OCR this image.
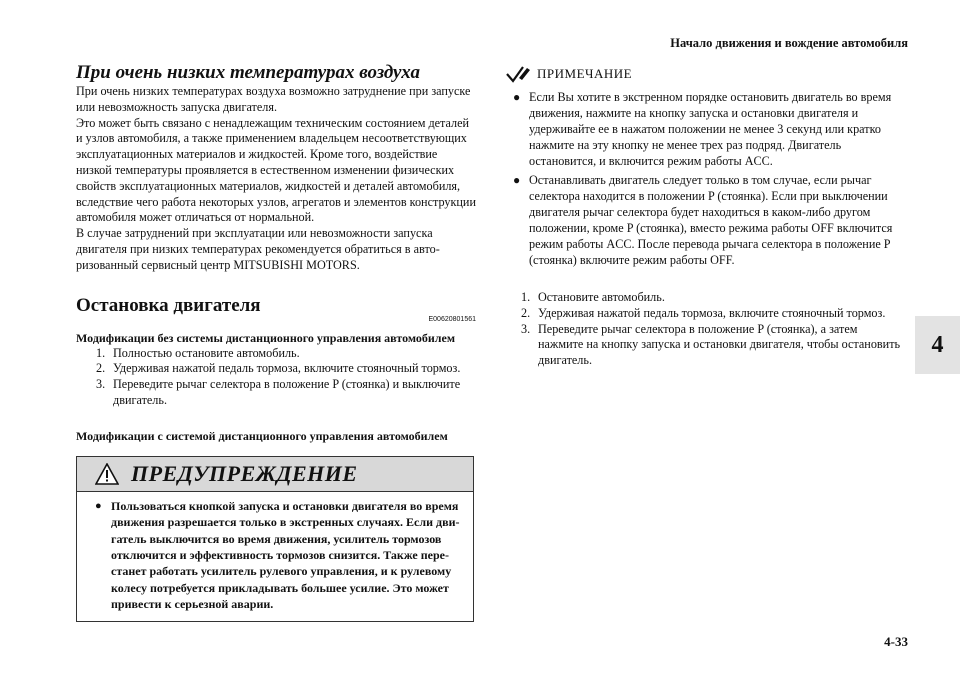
Начало движения и вождение автомобиля
4-33
4
При очень низких температурах воздуха

При очень низких температурах воздуха возможно затруднение при запуске или невозможность запуска двигателя.

Это может быть связано с ненадлежащим техническим состоянием деталей и узлов автомобиля, а также применением владельцем несоответствующих эксплуатационных материалов и жидкостей. Кроме того, воздействие низкой температуры проявляется в естественном изменении физических свойств эксплуатационных материалов, жидкостей и деталей автомобиля, вследствие чего работа некоторых узлов, агрегатов и элементов конструкции автомобиля может отличаться от нормальной.

В случае затруднений при эксплуатации или невозможности запуска двигателя при низких температурах рекомендуется обратиться в авторизованный сервисный центр MITSUBISHI MOTORS.

Остановка двигателя
E00620801561

Модификации без системы дистанционного управления автомобилем

1. Полностью остановите автомобиль.
2. Удерживая нажатой педаль тормоза, включите стояночный тормоз.
3. Переведите рычаг селектора в положение P (стоянка) и выключите двигатель.

Модификации с системой дистанционного управления автомобилем

ПРЕДУПРЕЖДЕНИЕ
● Пользоваться кнопкой запуска и остановки двигателя во время движения разрешается только в экстренных случаях. Если двигатель выключится во время движения, усилитель тормозов отключится и эффективность тормозов снизится. Также перестанет работать усилитель рулевого управления, и к рулевому колесу потребуется прикладывать большее усилие. Это может привести к серьезной аварии.

ПРИМЕЧАНИЕ
● Если Вы хотите в экстренном порядке остановить двигатель во время движения, нажмите на кнопку запуска и остановки двигателя и удерживайте ее в нажатом положении не менее 3 секунд или кратко нажмите на эту кнопку не менее трех раз подряд. Двигатель остановится, и включится режим работы ACC.

● Останавливать двигатель следует только в том случае, если рычаг селектора находится в положении P (стоянка). Если при выключении двигателя рычаг селектора будет находиться в каком-либо другом положении, кроме P (стоянка), вместо режима работы OFF включится режим работы ACC. После перевода рычага селектора в положение P (стоянка) включите режим работы OFF.

1. Остановите автомобиль.
2. Удерживая нажатой педаль тормоза, включите стояночный тормоз.
3. Переведите рычаг селектора в положение P (стоянка), а затем нажмите на кнопку запуска и остановки двигателя, чтобы остановить двигатель.
